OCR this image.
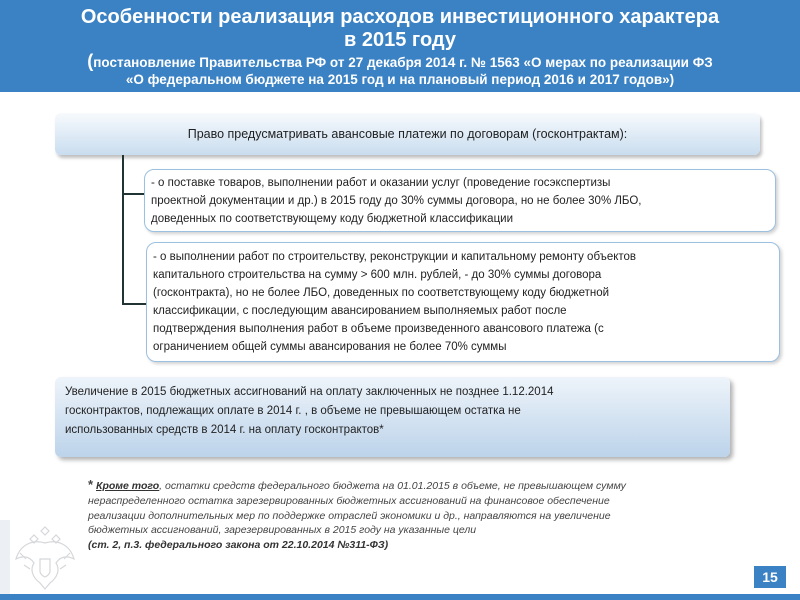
Особенности реализация расходов инвестиционного характера
в 2015 году
(постановление Правительства РФ от 27 декабря 2014 г. № 1563 «О мерах по реализации ФЗ
«О федеральном бюджете на 2015 год и на плановый период 2016 и 2017 годов»)
Право предусматривать авансовые платежи по договорам (госконтрактам):
- о поставке товаров, выполнении работ и оказании услуг (проведение госэкспертизы
проектной документации и др.) в 2015 году до 30% суммы договора, но не более 30% ЛБО,
доведенных по соответствующему коду бюджетной классификации
- о выполнении работ по строительству, реконструкции и капитальному ремонту объектов
капитального строительства на сумму > 600 млн. рублей, - до 30% суммы договора
(госконтракта), но не более ЛБО, доведенных по соответствующему коду бюджетной
классификации, с последующим авансированием выполняемых работ после
подтверждения выполнения работ в объеме произведенного авансового платежа (с
ограничением общей суммы авансирования не более 70% суммы
Увеличение в 2015 бюджетных ассигнований на оплату заключенных не позднее 1.12.2014
госконтрактов, подлежащих оплате в 2014 г. , в объеме не превышающем остатка не
использованных средств в 2014 г. на оплату госконтрактов*
* Кроме того, остатки средств федерального бюджета на 01.01.2015 в объеме, не превышающем сумму
нераспределенного остатка зарезервированных бюджетных ассигнований на финансовое обеспечение
реализации дополнительных мер по поддержке отраслей экономики и др., направляются на увеличение
бюджетных ассигнований, зарезервированных в 2015 году на указанные цели
(ст. 2, п.3. федерального закона от 22.10.2014 №311-ФЗ)
15
